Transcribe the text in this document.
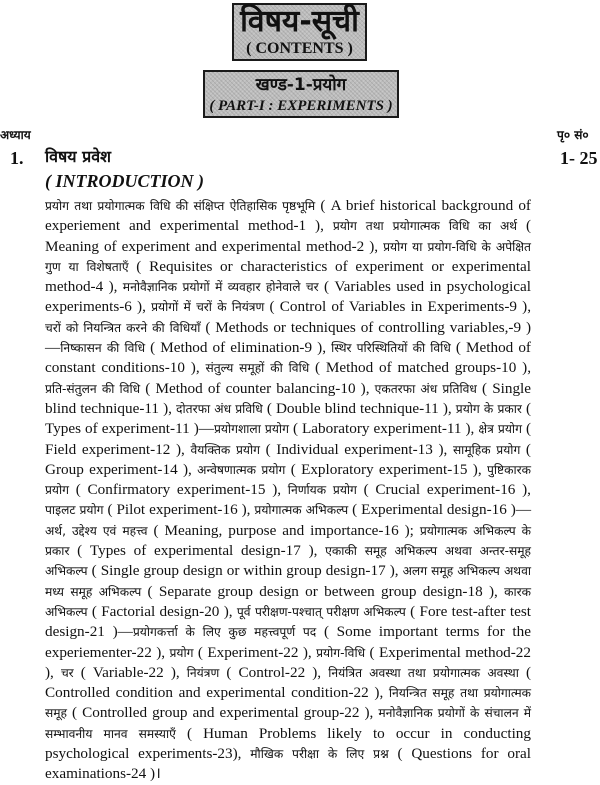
विषय-सूची
( CONTENTS )
खण्ड-1-प्रयोग
( PART-I : EXPERIMENTS )
अध्याय	पृ० सं०
1. विषय प्रवेश
( INTRODUCTION )
1- 25
प्रयोग तथा प्रयोगात्मक विधि की संक्षिप्त ऐतिहासिक पृष्ठभूमि ( A brief historical background of experiement and experimental method-1 ), प्रयोग तथा प्रयोगात्मक विधि का अर्थ ( Meaning of experiment and experimental method-2 ), प्रयोग या प्रयोग-विधि के अपेक्षित गुण या विशेषताएँ ( Requisites or characteristics of experiment or experimental method-4 ), मनोवैज्ञानिक प्रयोगों में व्यवहार होनेवाले चर ( Variables used in psychological experiments-6 ), प्रयोगों में चरों के नियंत्रण ( Control of Variables in Experiments-9 ), चरों को नियन्त्रित करने की विधियाँ ( Methods or techniques of controlling variables,-9 )—निष्कासन की विधि ( Method of elimination-9 ), स्थिर परिस्थितियों की विधि ( Method of constant conditions-10 ), संतुल्य समूहों की विधि ( Method of matched groups-10 ), प्रति-संतुलन की विधि ( Method of counter balancing-10 ), एकतरफा अंध प्रतिविध ( Single blind technique-11 ), दोतरफा अंध प्रविधि ( Double blind technique-11 ), प्रयोग के प्रकार ( Types of experiment-11 )—प्रयोगशाला प्रयोग ( Laboratory experiment-11 ), क्षेत्र प्रयोग ( Field experiment-12 ), वैयक्तिक प्रयोग ( Individual experiment-13 ), सामूहिक प्रयोग ( Group experiment-14 ), अन्वेषणात्मक प्रयोग ( Exploratory experiment-15 ), पुष्टिकारक प्रयोग ( Confirmatory experiment-15 ), निर्णायक प्रयोग ( Crucial experiment-16 ), पाइलट प्रयोग ( Pilot experiment-16 ), प्रयोगात्मक अभिकल्प ( Experimental design-16 )—अर्थ, उद्देश्य एवं महत्त्व ( Meaning, purpose and importance-16 ); प्रयोगात्मक अभिकल्प के प्रकार ( Types of experimental design-17 ), एकाकी समूह अभिकल्प अथवा अन्तर-समूह अभिकल्प ( Single group design or within group design-17 ), अलग समूह अभिकल्प अथवा मध्य समूह अभिकल्प ( Separate group design or between group design-18 ), कारक अभिकल्प ( Factorial design-20 ), पूर्व परीक्षण-पश्चात् परीक्षण अभिकल्प ( Fore test-after test design-21 )—प्रयोगकर्त्ता के लिए कुछ महत्त्वपूर्ण पद ( Some important terms for the experiementer-22 ), प्रयोग ( Experiment-22 ), प्रयोग-विधि ( Experimental method-22 ), चर ( Variable-22 ), नियंत्रण ( Control-22 ), नियंत्रित अवस्था तथा प्रयोगात्मक अवस्था ( Controlled condition and experimental condition-22 ), नियन्त्रित समूह तथा प्रयोगात्मक समूह ( Controlled group and experimental group-22 ), मनोवैज्ञानिक प्रयोगों के संचालन में सम्भावनीय मानव समस्याएँ ( Human Problems likely to occur in conducting psychological experiments-23), मौखिक परीक्षा के लिए प्रश्न ( Questions for oral examinations-24 )।
